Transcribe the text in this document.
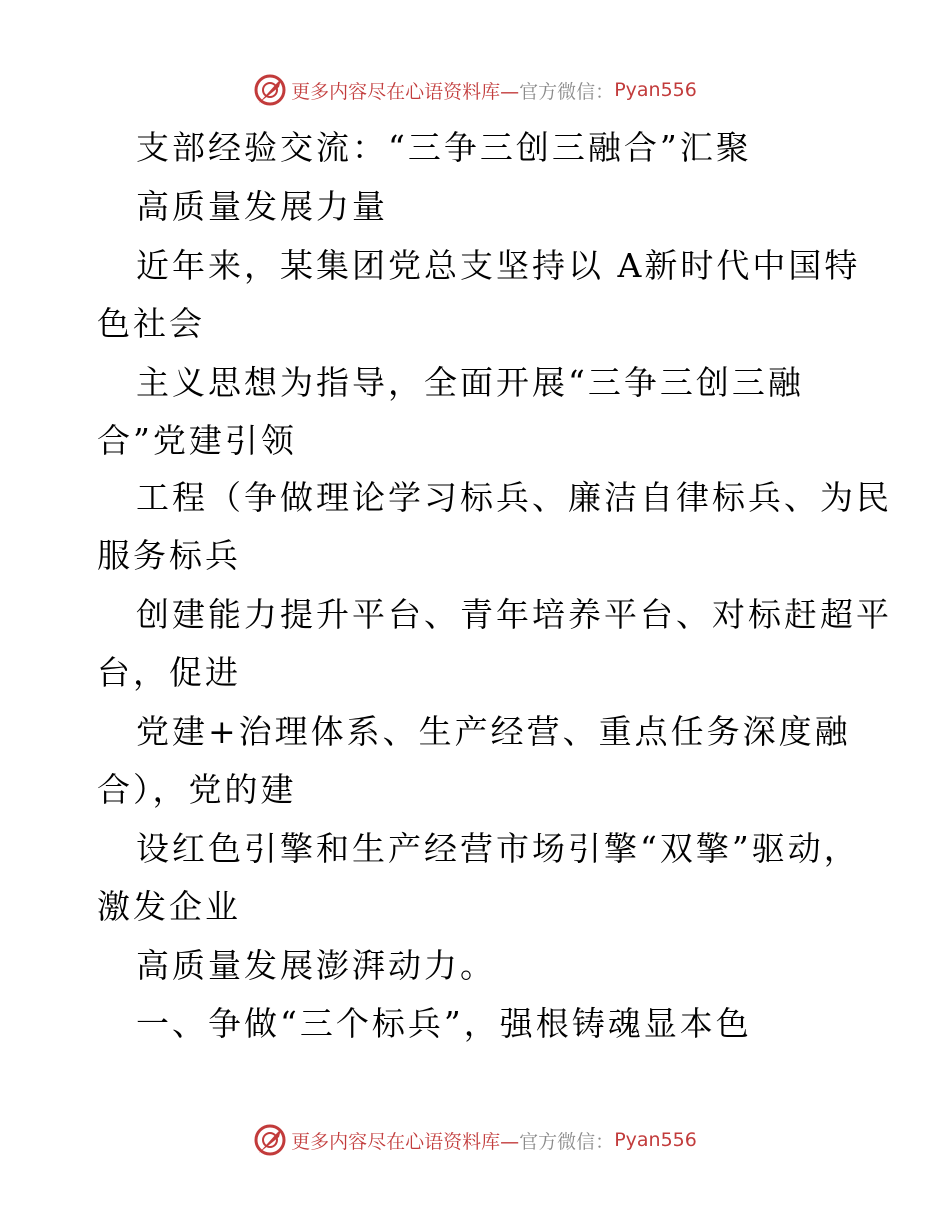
更多内容尽在心语资料库— 官方微信： Pyan556
支部经验交流：“三争三创三融合”汇聚
高质量发展力量
近年来，某集团党总支坚持以 A新时代中国特
色社会
主义思想为指导，全面开展“三争三创三融
合”党建引领
工程（争做理论学习标兵、廉洁自律标兵、为民
服务标兵
创建能力提升平台、青年培养平台、对标赶超平
台，促进
党建+治理体系、生产经营、重点任务深度融
合），党的建
设红色引擎和生产经营市场引擎“双擎”驱动，
激发企业
高质量发展澎湃动力。
一、争做“三个标兵”，强根铸魂显本色
更多内容尽在心语资料库— 官方微信： Pyan556
